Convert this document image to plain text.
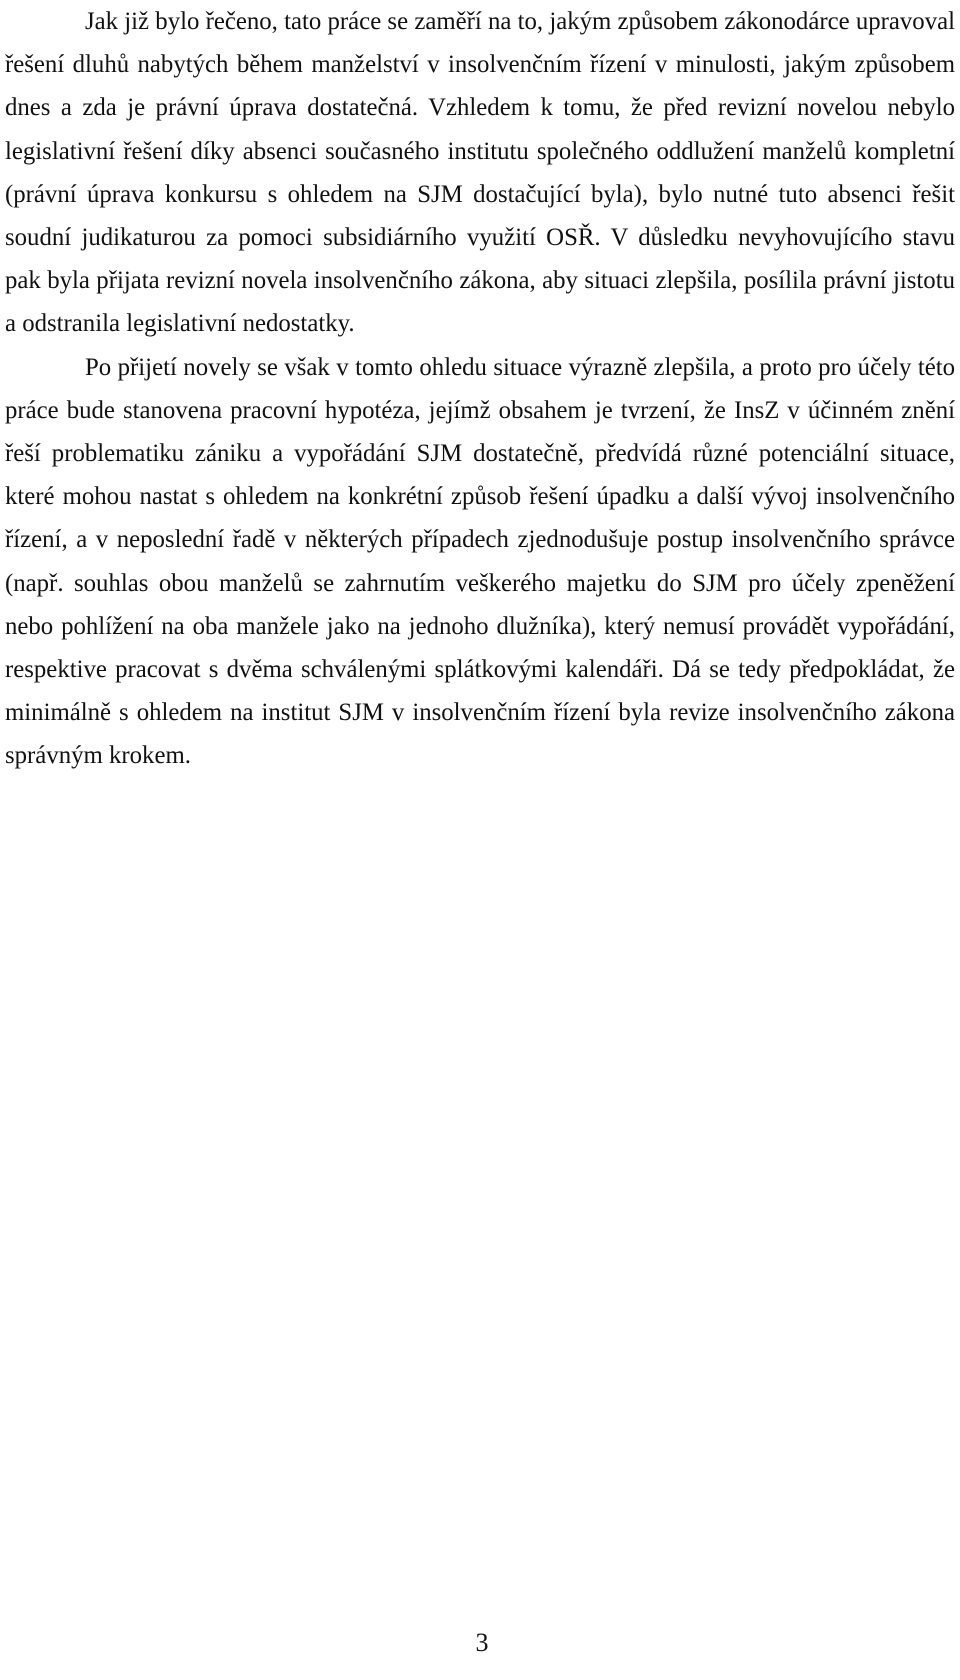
Jak již bylo řečeno, tato práce se zaměří na to, jakým způsobem zákonodárce upravoval řešení dluhů nabytých během manželství v insolvenčním řízení v minulosti, jakým způsobem dnes a zda je právní úprava dostatečná. Vzhledem k tomu, že před revizní novelou nebylo legislativní řešení díky absenci současného institutu společného oddlužení manželů kompletní (právní úprava konkursu s ohledem na SJM dostačující byla), bylo nutné tuto absenci řešit soudní judikaturou za pomoci subsidiárního využití OSŘ. V důsledku nevyhovujícího stavu pak byla přijata revizní novela insolvenčního zákona, aby situaci zlepšila, posílila právní jistotu a odstranila legislativní nedostatky.

Po přijetí novely se však v tomto ohledu situace výrazně zlepšila, a proto pro účely této práce bude stanovena pracovní hypotéza, jejímž obsahem je tvrzení, že InsZ v účinném znění řeší problematiku zániku a vypořádání SJM dostatečně, předvídá různé potenciální situace, které mohou nastat s ohledem na konkrétní způsob řešení úpadku a další vývoj insolvenčního řízení, a v neposlední řadě v některých případech zjednodušuje postup insolvenčního správce (např. souhlas obou manželů se zahrnutím veškerého majetku do SJM pro účely zpeněžení nebo pohlížení na oba manžele jako na jednoho dlužníka), který nemusí provádět vypořádání, respektive pracovat s dvěma schválenými splátkovými kalendáři. Dá se tedy předpokládat, že minimálně s ohledem na institut SJM v insolvenčním řízení byla revize insolvenčního zákona správným krokem.

3
